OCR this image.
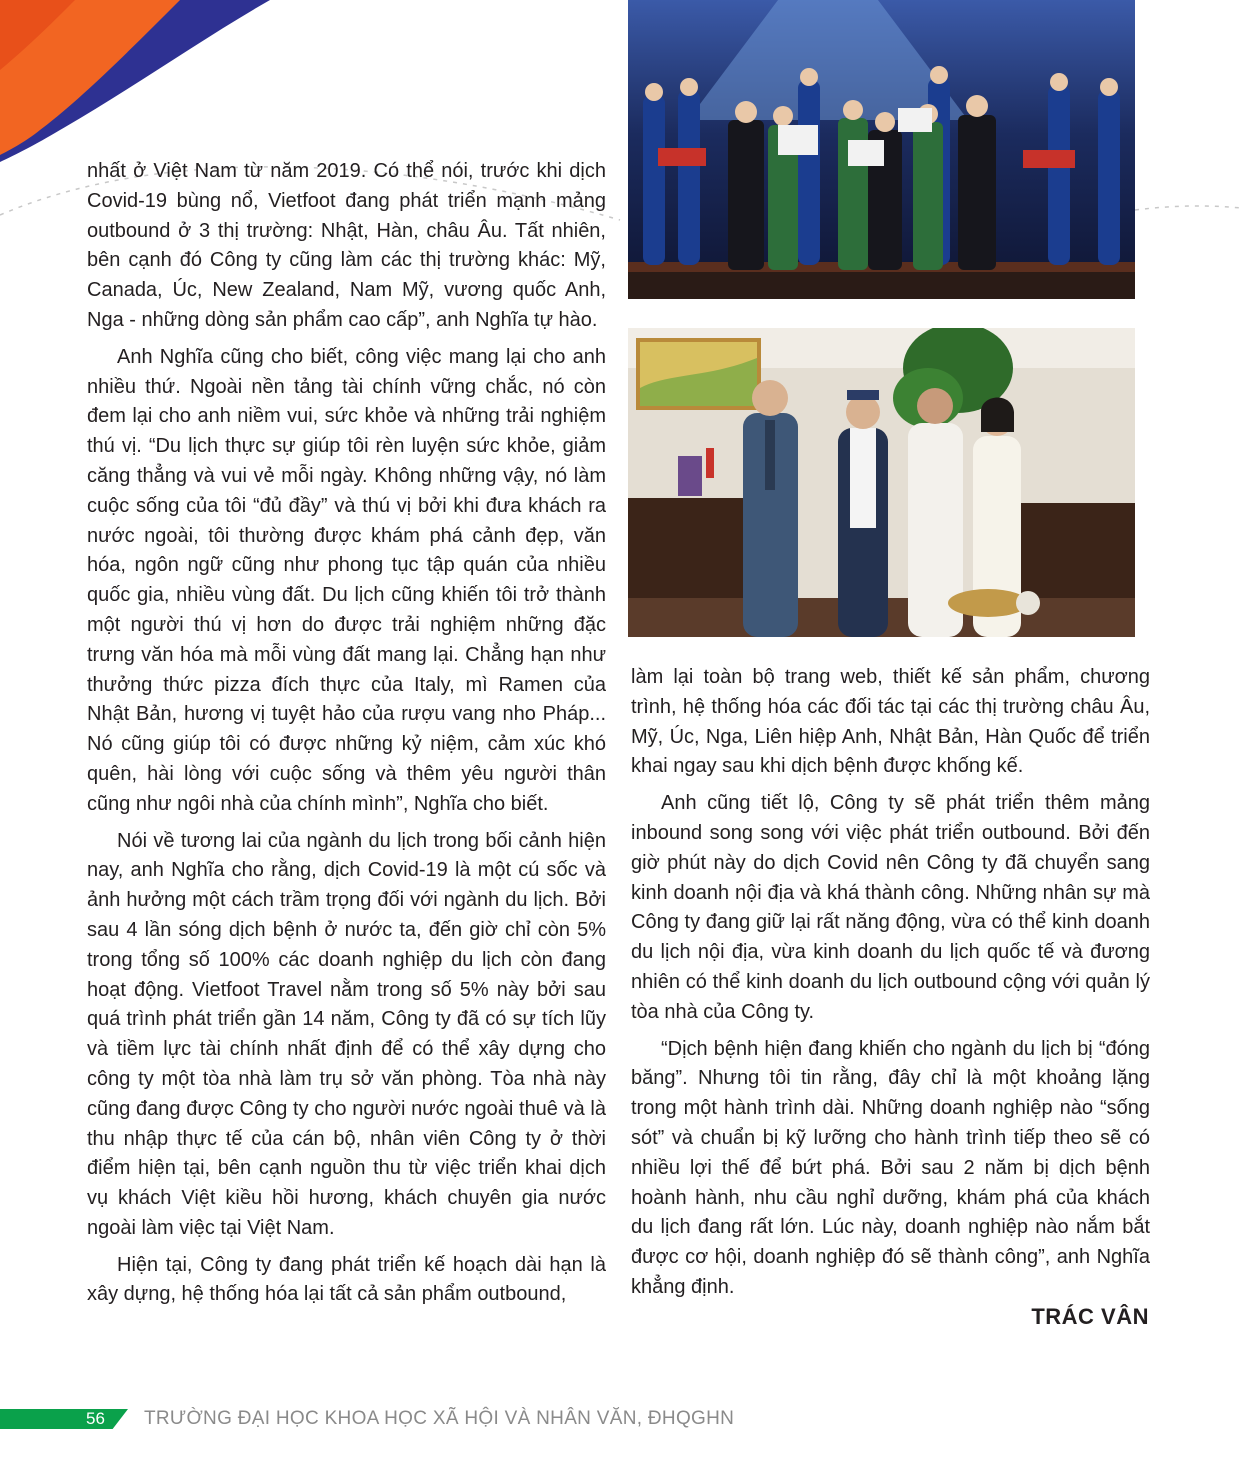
nhất ở Việt Nam từ năm 2019. Có thể nói, trước khi dịch Covid-19 bùng nổ, Vietfoot đang phát triển mạnh mảng outbound ở 3 thị trường: Nhật, Hàn, châu Âu. Tất nhiên, bên cạnh đó Công ty cũng làm các thị trường khác: Mỹ, Canada, Úc, New Zealand, Nam Mỹ, vương quốc Anh, Nga - những dòng sản phẩm cao cấp”, anh Nghĩa tự hào.

Anh Nghĩa cũng cho biết, công việc mang lại cho anh nhiều thứ. Ngoài nền tảng tài chính vững chắc, nó còn đem lại cho anh niềm vui, sức khỏe và những trải nghiệm thú vị. “Du lịch thực sự giúp tôi rèn luyện sức khỏe, giảm căng thẳng và vui vẻ mỗi ngày. Không những vậy, nó làm cuộc sống của tôi “đủ đầy” và thú vị bởi khi đưa khách ra nước ngoài, tôi thường được khám phá cảnh đẹp, văn hóa, ngôn ngữ cũng như phong tục tập quán của nhiều quốc gia, nhiều vùng đất. Du lịch cũng khiến tôi trở thành một người thú vị hơn do được trải nghiệm những đặc trưng văn hóa mà mỗi vùng đất mang lại. Chẳng hạn như thưởng thức pizza đích thực của Italy, mì Ramen của Nhật Bản, hương vị tuyệt hảo của rượu vang nho Pháp... Nó cũng giúp tôi có được những kỷ niệm, cảm xúc khó quên, hài lòng với cuộc sống và thêm yêu người thân cũng như ngôi nhà của chính mình”, Nghĩa cho biết.

Nói về tương lai của ngành du lịch trong bối cảnh hiện nay, anh Nghĩa cho rằng, dịch Covid-19 là một cú sốc và ảnh hưởng một cách trầm trọng đối với ngành du lịch. Bởi sau 4 lần sóng dịch bệnh ở nước ta, đến giờ chỉ còn 5% trong tổng số 100% các doanh nghiệp du lịch còn đang hoạt động. Vietfoot Travel nằm trong số 5% này bởi sau quá trình phát triển gần 14 năm, Công ty đã có sự tích lũy và tiềm lực tài chính nhất định để có thể xây dựng cho công ty một tòa nhà làm trụ sở văn phòng. Tòa nhà này cũng đang được Công ty cho người nước ngoài thuê và là thu nhập thực tế của cán bộ, nhân viên Công ty ở thời điểm hiện tại, bên cạnh nguồn thu từ việc triển khai dịch vụ khách Việt kiều hồi hương, khách chuyên gia nước ngoài làm việc tại Việt Nam.

Hiện tại, Công ty đang phát triển kế hoạch dài hạn là xây dựng, hệ thống hóa lại tất cả sản phẩm outbound,

làm lại toàn bộ trang web, thiết kế sản phẩm, chương trình, hệ thống hóa các đối tác tại các thị trường châu Âu, Mỹ, Úc, Nga, Liên hiệp Anh, Nhật Bản, Hàn Quốc để triển khai ngay sau khi dịch bệnh được khống kế.

Anh cũng tiết lộ, Công ty sẽ phát triển thêm mảng inbound song song với việc phát triển outbound. Bởi đến giờ phút này do dịch Covid nên Công ty đã chuyển sang kinh doanh nội địa và khá thành công. Những nhân sự mà Công ty đang giữ lại rất năng động, vừa có thể kinh doanh du lịch nội địa, vừa kinh doanh du lịch quốc tế và đương nhiên có thể kinh doanh du lịch outbound cộng với quản lý tòa nhà của Công ty.

“Dịch bệnh hiện đang khiến cho ngành du lịch bị “đóng băng”. Nhưng tôi tin rằng, đây chỉ là một khoảng lặng trong một hành trình dài. Những doanh nghiệp nào “sống sót” và chuẩn bị kỹ lưỡng cho hành trình tiếp theo sẽ có nhiều lợi thế để bứt phá. Bởi sau 2 năm bị dịch bệnh hoành hành, nhu cầu nghỉ dưỡng, khám phá của khách du lịch đang rất lớn. Lúc này, doanh nghiệp nào nắm bắt được cơ hội, doanh nghiệp đó sẽ thành công”, anh Nghĩa khẳng định.

TRÁC VÂN
56 TRƯỜNG ĐẠI HỌC KHOA HỌC XÃ HỘI VÀ NHÂN VĂN, ĐHQGHN
